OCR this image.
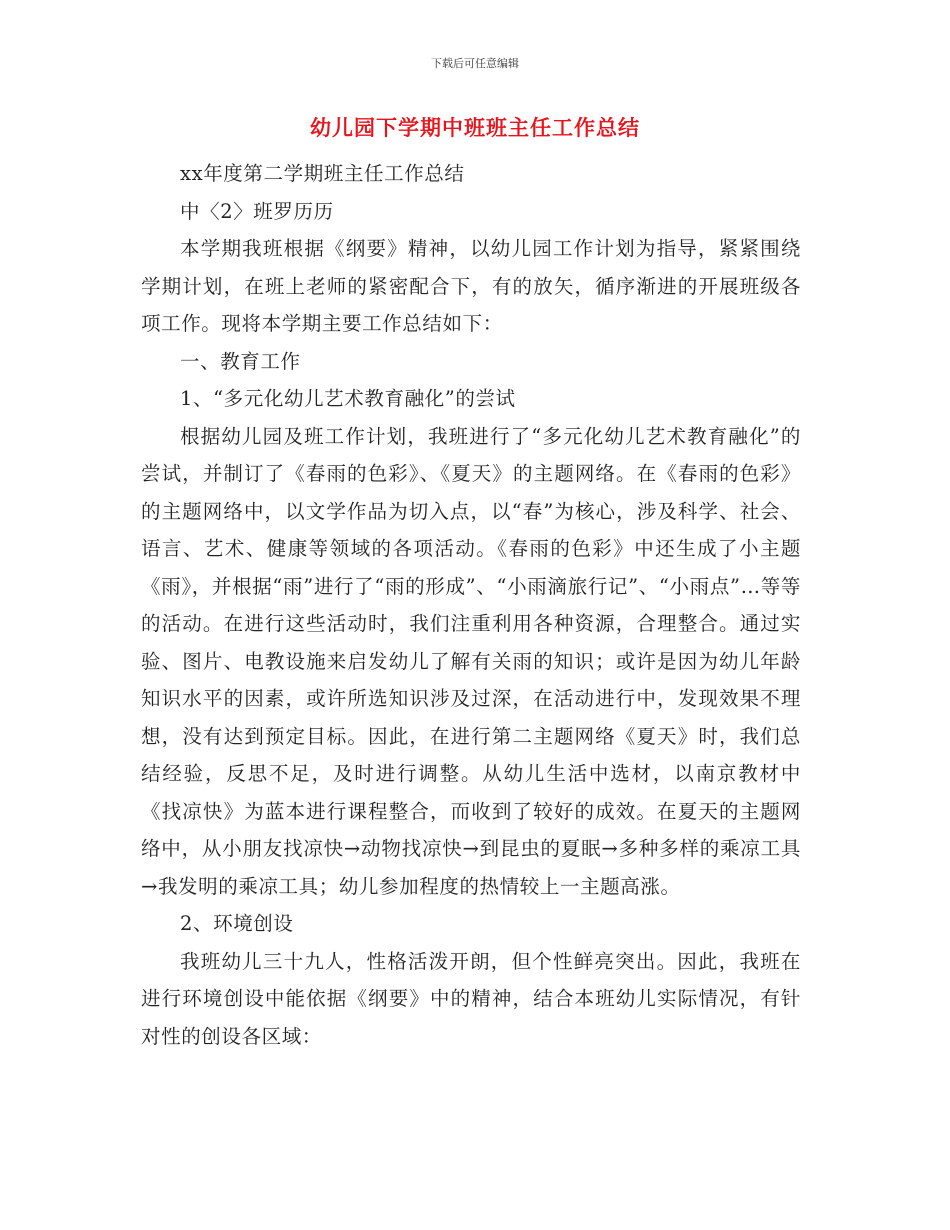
下载后可任意编辑
幼儿园下学期中班班主任工作总结

xx年度第二学期班主任工作总结

中〈2〉班罗历历

本学期我班根据《纲要》精神，以幼儿园工作计划为指导，紧紧围绕学期计划，在班上老师的紧密配合下，有的放矢，循序渐进的开展班级各项工作。现将本学期主要工作总结如下：

一、教育工作

1、“多元化幼儿艺术教育融化”的尝试

根据幼儿园及班工作计划，我班进行了“多元化幼儿艺术教育融化”的尝试，并制订了《春雨的色彩》、《夏天》的主题网络。在《春雨的色彩》的主题网络中，以文学作品为切入点，以“春”为核心，涉及科学、社会、语言、艺术、健康等领域的各项活动。《春雨的色彩》中还生成了小主题《雨》，并根据“雨”进行了“雨的形成”、“小雨滴旅行记”、“小雨点”…等等的活动。在进行这些活动时，我们注重利用各种资源，合理整合。通过实验、图片、电教设施来启发幼儿了解有关雨的知识；或许是因为幼儿年龄知识水平的因素，或许所选知识涉及过深，在活动进行中，发现效果不理想，没有达到预定目标。因此，在进行第二主题网络《夏天》时，我们总结经验，反思不足，及时进行调整。从幼儿生活中选材，以南京教材中《找凉快》为蓝本进行课程整合，而收到了较好的成效。在夏天的主题网络中，从小朋友找凉快→动物找凉快→到昆虫的夏眠→多种多样的乘凉工具→我发明的乘凉工具；幼儿参加程度的热情较上一主题高涨。

2、环境创设

我班幼儿三十九人，性格活泼开朗，但个性鲜亮突出。因此，我班在进行环境创设中能依据《纲要》中的精神，结合本班幼儿实际情况，有针对性的创设各区域：
